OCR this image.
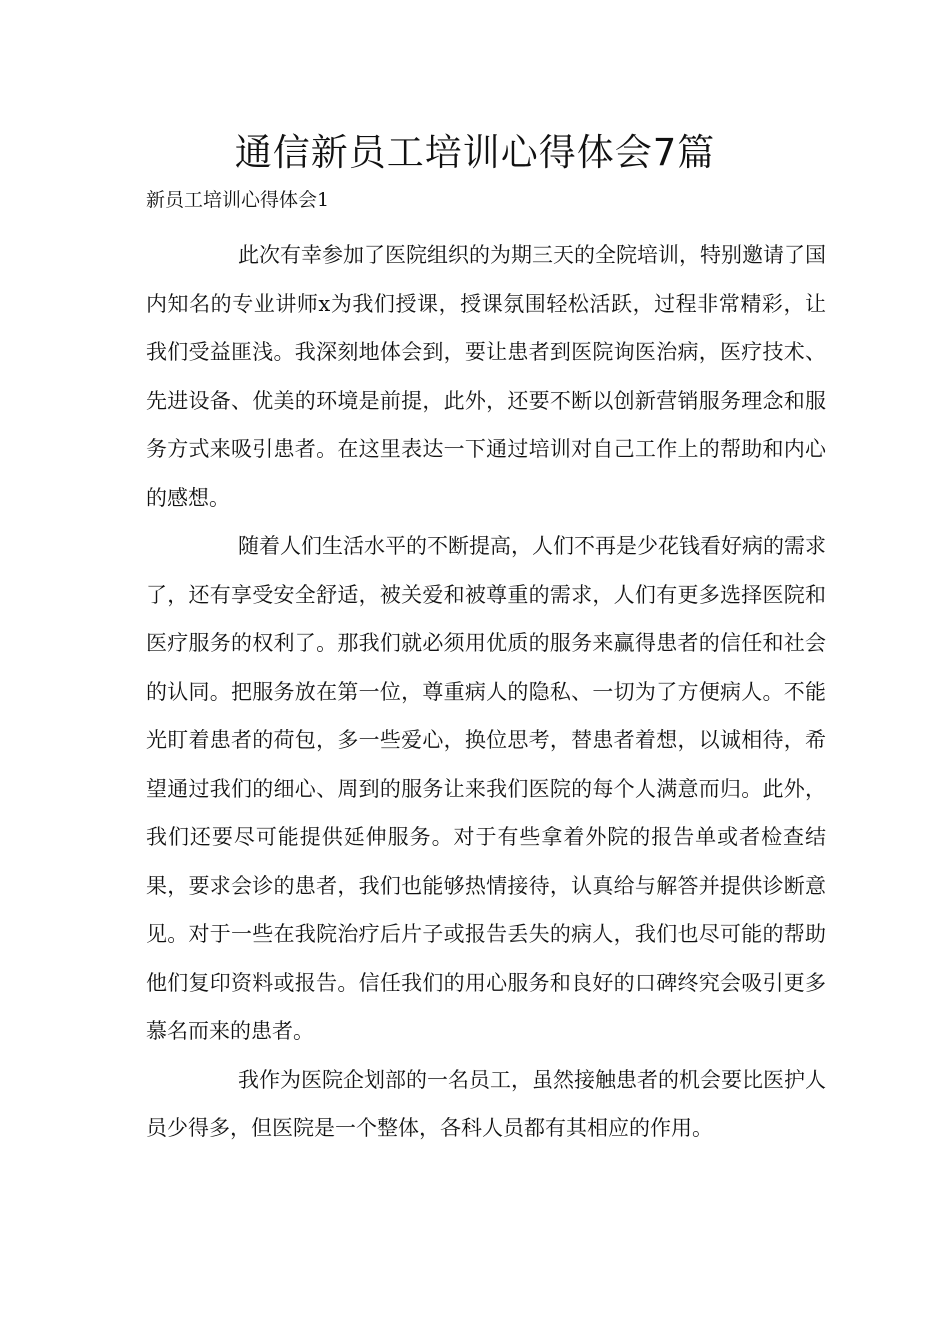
通信新员工培训心得体会7篇

新员工培训心得体会1

此次有幸参加了医院组织的为期三天的全院培训，特别邀请了国内知名的专业讲师x为我们授课，授课氛围轻松活跃，过程非常精彩，让我们受益匪浅。我深刻地体会到，要让患者到医院询医治病，医疗技术、先进设备、优美的环境是前提，此外，还要不断以创新营销服务理念和服务方式来吸引患者。在这里表达一下通过培训对自己工作上的帮助和内心的感想。

随着人们生活水平的不断提高，人们不再是少花钱看好病的需求了，还有享受安全舒适，被关爱和被尊重的需求，人们有更多选择医院和医疗服务的权利了。那我们就必须用优质的服务来赢得患者的信任和社会的认同。把服务放在第一位，尊重病人的隐私、一切为了方便病人。不能光盯着患者的荷包，多一些爱心，换位思考，替患者着想，以诚相待，希望通过我们的细心、周到的服务让来我们医院的每个人满意而归。此外，我们还要尽可能提供延伸服务。对于有些拿着外院的报告单或者检查结果，要求会诊的患者，我们也能够热情接待，认真给与解答并提供诊断意见。对于一些在我院治疗后片子或报告丢失的病人，我们也尽可能的帮助他们复印资料或报告。信任我们的用心服务和良好的口碑终究会吸引更多慕名而来的患者。

我作为医院企划部的一名员工，虽然接触患者的机会要比医护人员少得多，但医院是一个整体，各科人员都有其相应的作用。
